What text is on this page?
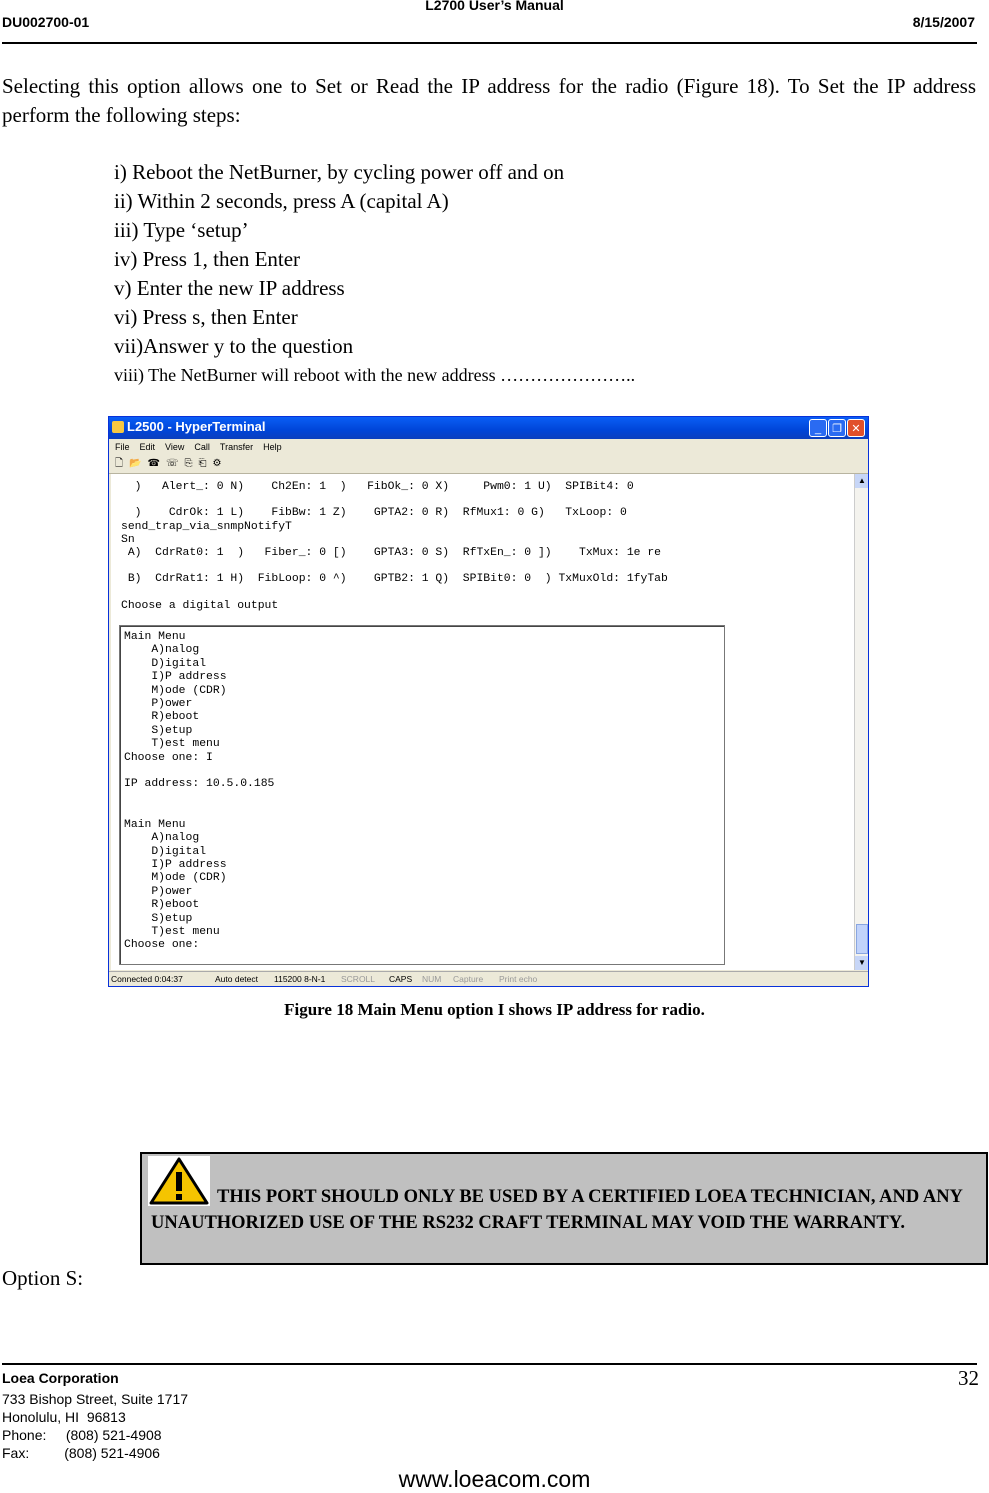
L2700 User’s Manual
DU002700-01	8/15/2007

Selecting this option allows one to Set or Read the IP address for the radio (Figure 18). To Set the IP address perform the following steps:

i) Reboot the NetBurner, by cycling power off and on
ii) Within 2 seconds, press A (capital A)
iii) Type ‘setup’
iv) Press 1, then Enter
v) Enter the new IP address
vi) Press s, then Enter
vii)Answer y to the question
viii) The NetBurner will reboot with the new address …………………..
L2500 - HyperTerminal	_	❐ ✕
File Edit View Call Transfer Help
🗋 📂 ☎ ☏ ⎘ ⎗ ⚙
)   Alert_: 0 N)    Ch2En: 1  )   FibOk_: 0 X)     Pwm0: 1 U)  SPIBit4: 0

)    CdrOk: 1 L)    FibBw: 1 Z)    GPTA2: 0 R)  RfMux1: 0 G)   TxLoop: 0
send_trap_via_snmpNotifyT
Sn
A)  CdrRat0: 1  )   Fiber_: 0 [)    GPTA3: 0 S)  RfTxEn_: 0 ])    TxMux: 1e re

B)  CdrRat1: 1 H)  FibLoop: 0 ^)    GPTB2: 1 Q)  SPIBit0: 0  ) TxMuxOld: 1fyTab

Choose a digital output
Main Menu
A)nalog
D)igital
I)P address
M)ode (CDR)
P)ower
R)eboot
S)etup
T)est menu
Choose one: I

IP address: 10.5.0.185

Main Menu
A)nalog
D)igital
I)P address
M)ode (CDR)
P)ower
R)eboot
S)etup
T)est menu
Choose one:
▲
▼
Connected 0:04:37	Auto detect 115200 8-N-1 SCROLL CAPS NUM Capture Print echo
Figure 18 Main Menu option I shows IP address for radio.

THIS PORT SHOULD ONLY BE USED BY A CERTIFIED LOEA TECHNICIAN, AND ANY UNAUTHORIZED USE OF THE RS232 CRAFT TERMINAL MAY VOID THE WARRANTY.

Option S:
Loea Corporation	32
733 Bishop Street, Suite 1717
Honolulu, HI  96813
Phone:     (808) 521-4908
Fax:         (808) 521-4906
www.loeacom.com
